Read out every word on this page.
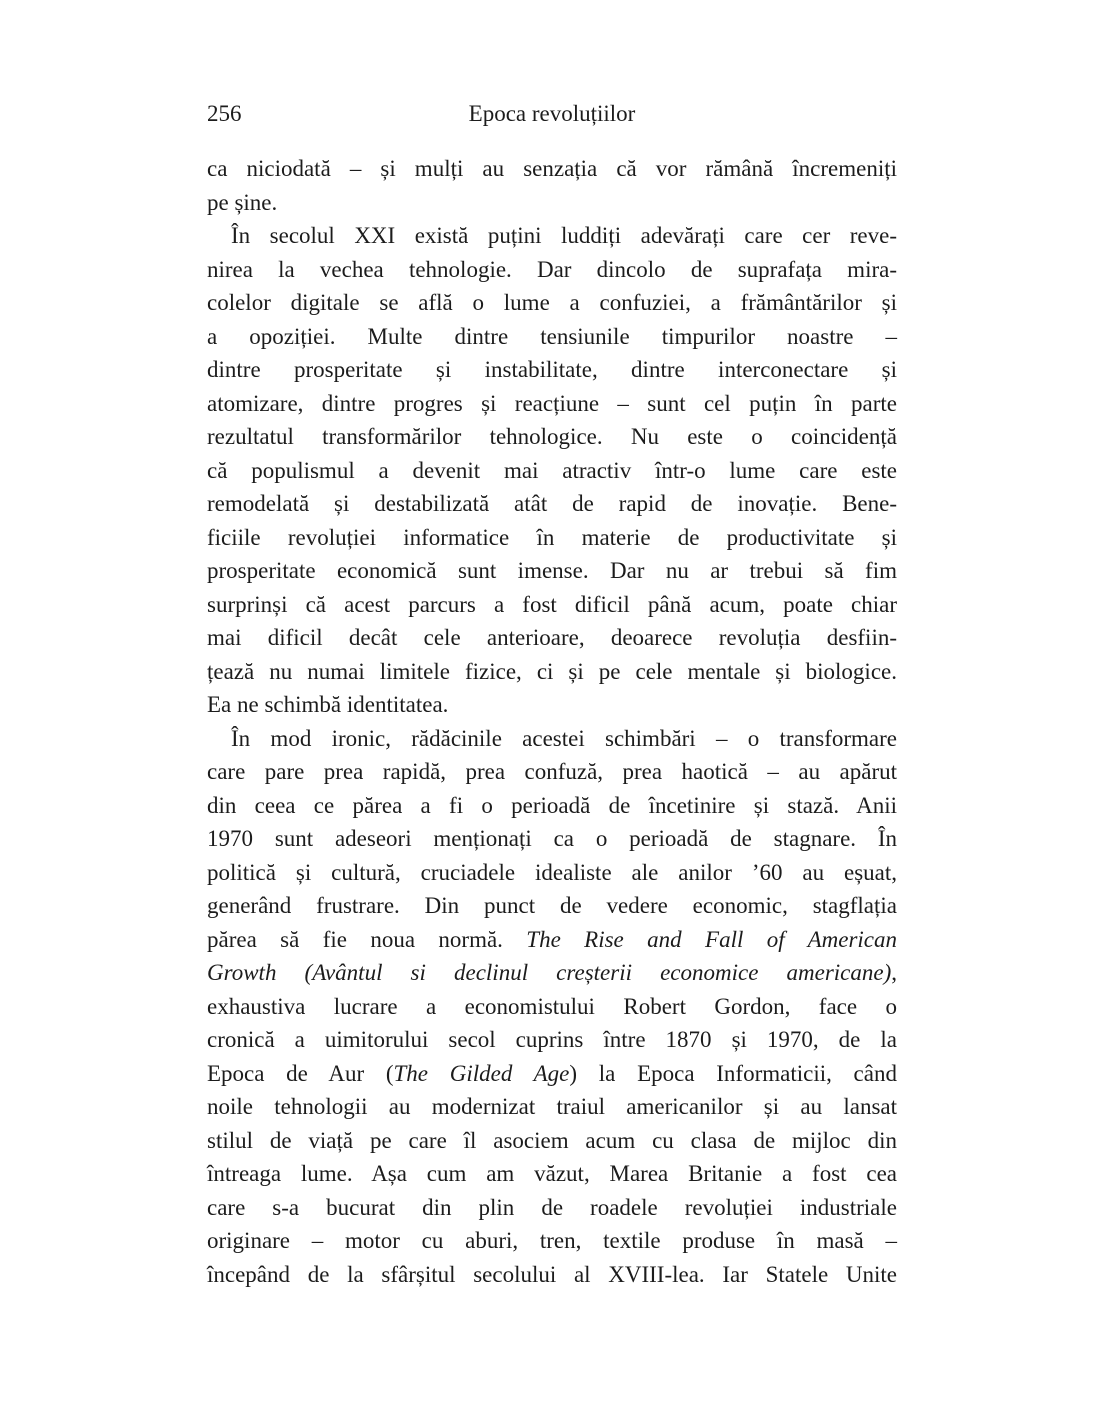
256	Epoca revoluțiilor
ca niciodată – și mulți au senzația că vor rămână încremeniți
pe șine.
În secolul XXI există puțini luddiți adevărați care cer reve-
nirea la vechea tehnologie. Dar dincolo de suprafața mira-
colelor digitale se află o lume a confuziei, a frământărilor și
a opoziției. Multe dintre tensiunile timpurilor noastre –
dintre prosperitate și instabilitate, dintre interconectare și
atomizare, dintre progres și reacțiune – sunt cel puțin în parte
rezultatul transformărilor tehnologice. Nu este o coincidență
că populismul a devenit mai atractiv într-o lume care este
remodelată și destabilizată atât de rapid de inovație. Bene-
ficiile revoluției informatice în materie de productivitate și
prosperitate economică sunt imense. Dar nu ar trebui să fim
surprinși că acest parcurs a fost dificil până acum, poate chiar
mai dificil decât cele anterioare, deoarece revoluția desfiin-
țează nu numai limitele fizice, ci și pe cele mentale și biologice.
Ea ne schimbă identitatea.
În mod ironic, rădăcinile acestei schimbări – o transformare
care pare prea rapidă, prea confuză, prea haotică – au apărut
din ceea ce părea a fi o perioadă de încetinire și stază. Anii
1970 sunt adeseori menționați ca o perioadă de stagnare. În
politică și cultură, cruciadele idealiste ale anilor ’60 au eșuat,
generând frustrare. Din punct de vedere economic, stagflația
părea să fie noua normă. The Rise and Fall of American
Growth (Avântul si declinul creșterii economice americane),
exhaustiva lucrare a economistului Robert Gordon, face o
cronică a uimitorului secol cuprins între 1870 și 1970, de la
Epoca de Aur (The Gilded Age) la Epoca Informaticii, când
noile tehnologii au modernizat traiul americanilor și au lansat
stilul de viață pe care îl asociem acum cu clasa de mijloc din
întreaga lume. Așa cum am văzut, Marea Britanie a fost cea
care s-a bucurat din plin de roadele revoluției industriale
originare – motor cu aburi, tren, textile produse în masă –
începând de la sfârșitul secolului al XVIII-lea. Iar Statele Unite
